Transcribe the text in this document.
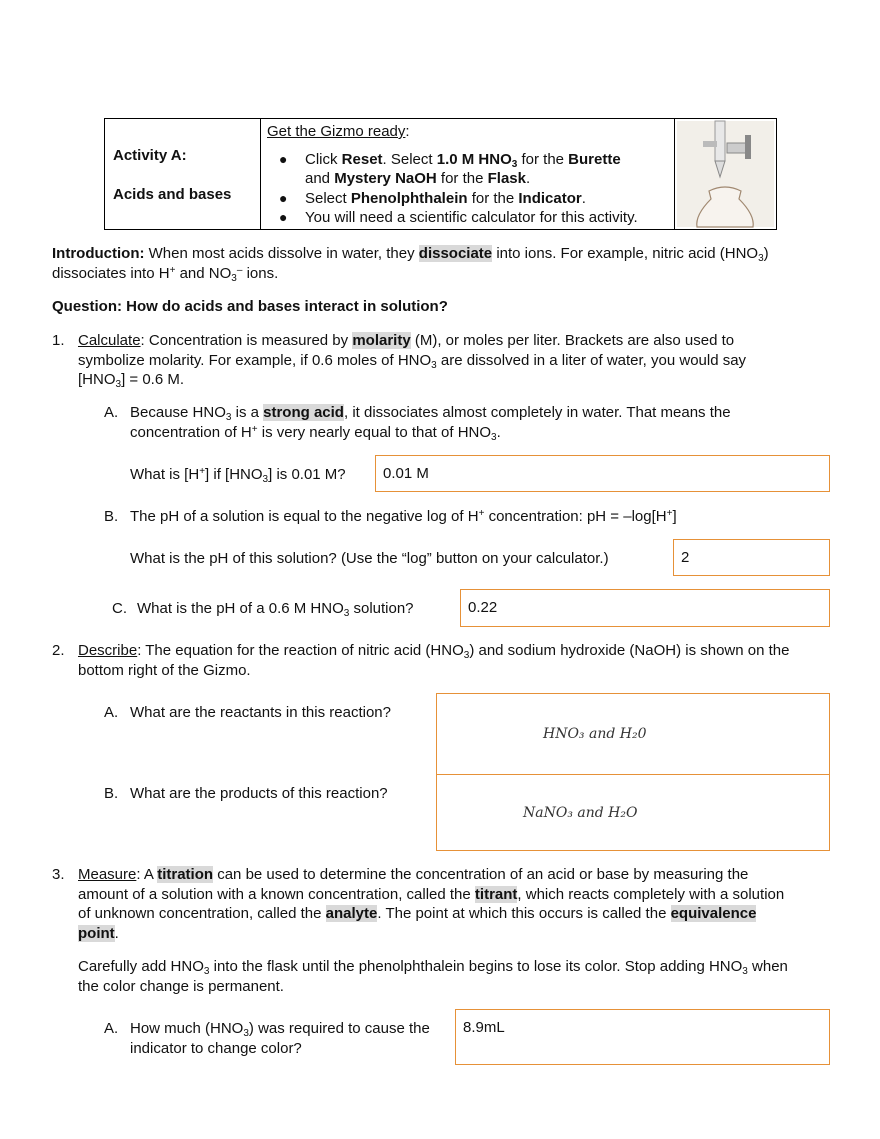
Activity A:
Acids and bases
Get the Gizmo ready:
● Click Reset. Select 1.0 M $HNO_3$ for the Burette
and Mystery NaOH for the Flask.
● Select Phenolphthalein for the Indicator.
● You will need a scientific calculator for this activity.
Introduction: When most acids dissolve in water, they dissociate into ions. For example, nitric acid $(HNO_3)$
dissociates into H+ and $NO_3^-$ ions.
Question: How do acids and bases interact in solution?
1. Calculate: Concentration is measured by molarity (M), or moles per liter. Brackets are also used to
symbolize molarity. For example, if 0.6 moles of $HNO_3$ are dissolved in a liter of water, you would say
$[HNO_3] = 0.6$ M.
A. Because $HNO_3$ is a strong acid, it dissociates almost completely in water. That means the
concentration of H+ is very nearly equal to that of $HNO_3$.
What is [H+] if $[HNO_3]$ is 0.01 M? 0.01 M
B. The pH of a solution is equal to the negative log of H+ concentration: pH = –log[H+]
What is the pH of this solution? (Use the “log” button on your calculator.)	2
C. What is the pH of a 0.6 M $HNO_3$ solution?	0.22
2. Describe: The equation for the reaction of nitric acid $(HNO_3)$ and sodium hydroxide (NaOH) is shown on the
bottom right of the Gizmo.
A. What are the reactants in this reaction?
HNO₃ and H₂0
B. What are the products of this reaction?
NaNO₃ and H₂O
3. Measure: A titration can be used to determine the concentration of an acid or base by measuring the
amount of a solution with a known concentration, called the titrant, which reacts completely with a solution
of unknown concentration, called the analyte. The point at which this occurs is called the equivalence
point.
Carefully add $HNO_3$ into the flask until the phenolphthalein begins to lose its color. Stop adding $HNO_3$ when
the color change is permanent.
A. How much $(HNO_3)$ was required to cause the
indicator to change color?
8.9mL
